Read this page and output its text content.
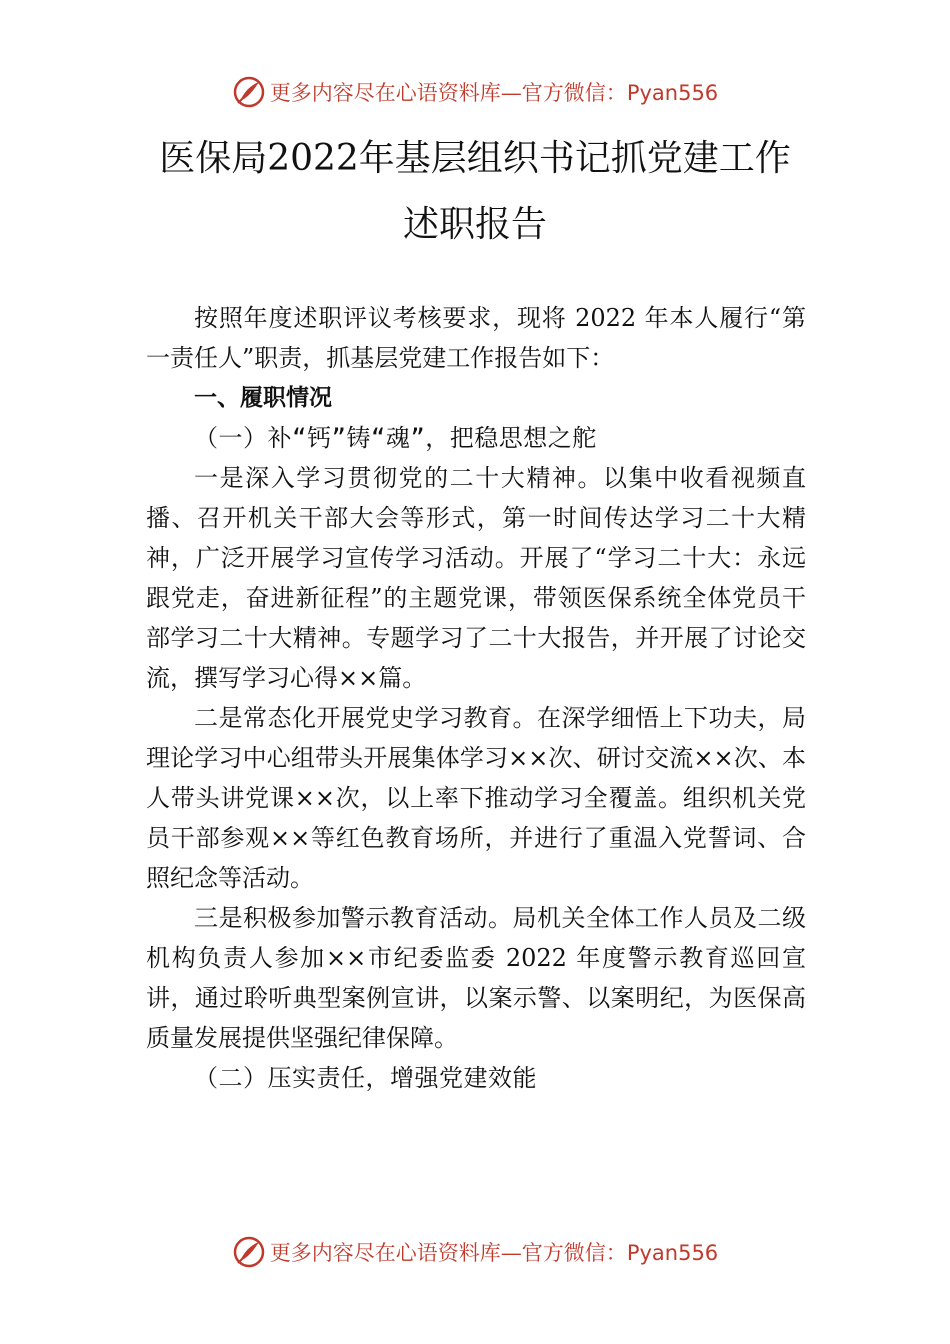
更多内容尽在心语资料库—官方微信：Pyan556
医保局2022年基层组织书记抓党建工作
述职报告

按照年度述职评议考核要求，现将 2022 年本人履行“第一责任人”职责，抓基层党建工作报告如下：

一、履职情况

（一）补“钙”铸“魂”，把稳思想之舵

一是深入学习贯彻党的二十大精神。以集中收看视频直播、召开机关干部大会等形式，第一时间传达学习二十大精神，广泛开展学习宣传学习活动。开展了“学习二十大：永远跟党走，奋进新征程”的主题党课，带领医保系统全体党员干部学习二十大精神。专题学习了二十大报告，并开展了讨论交流，撰写学习心得××篇。

二是常态化开展党史学习教育。在深学细悟上下功夫，局理论学习中心组带头开展集体学习××次、研讨交流××次、本人带头讲党课××次，以上率下推动学习全覆盖。组织机关党员干部参观××等红色教育场所，并进行了重温入党誓词、合照纪念等活动。

三是积极参加警示教育活动。局机关全体工作人员及二级机构负责人参加××市纪委监委 2022 年度警示教育巡回宣讲，通过聆听典型案例宣讲，以案示警、以案明纪，为医保高质量发展提供坚强纪律保障。

（二）压实责任，增强党建效能

更多内容尽在心语资料库—官方微信：Pyan556
